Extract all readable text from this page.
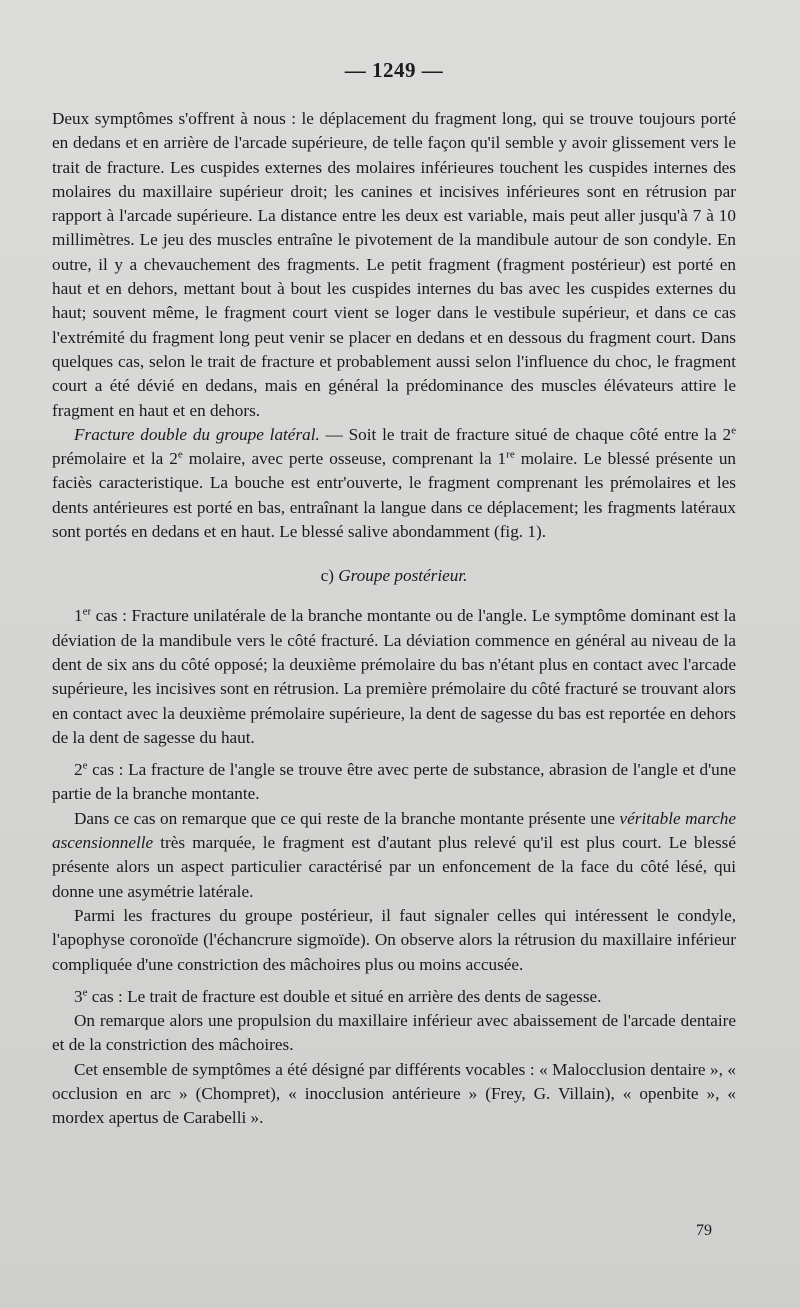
— 1249 —

Deux symptômes s'offrent à nous : le déplacement du fragment long, qui se trouve toujours porté en dedans et en arrière de l'arcade supérieure, de telle façon qu'il semble y avoir glissement vers le trait de fracture. Les cuspides externes des molaires inférieures touchent les cuspides internes des molaires du maxillaire supérieur droit; les canines et incisives inférieures sont en rétrusion par rapport à l'arcade supérieure. La distance entre les deux est variable, mais peut aller jusqu'à 7 à 10 millimètres. Le jeu des muscles entraîne le pivotement de la mandibule autour de son condyle. En outre, il y a chevauchement des fragments. Le petit fragment (fragment postérieur) est porté en haut et en dehors, mettant bout à bout les cuspides internes du bas avec les cuspides externes du haut; souvent même, le fragment court vient se loger dans le vestibule supérieur, et dans ce cas l'extrémité du fragment long peut venir se placer en dedans et en dessous du fragment court. Dans quelques cas, selon le trait de fracture et probablement aussi selon l'influence du choc, le fragment court a été dévié en dedans, mais en général la prédominance des muscles élévateurs attire le fragment en haut et en dehors.

Fracture double du groupe latéral. — Soit le trait de fracture situé de chaque côté entre la 2e prémolaire et la 2e molaire, avec perte osseuse, comprenant la 1re molaire. Le blessé présente un faciès caracteristique. La bouche est entr'ouverte, le fragment comprenant les prémolaires et les dents antérieures est porté en bas, entraînant la langue dans ce déplacement; les fragments latéraux sont portés en dedans et en haut. Le blessé salive abondamment (fig. 1).

c) Groupe postérieur.

1er cas : Fracture unilatérale de la branche montante ou de l'angle. Le symptôme dominant est la déviation de la mandibule vers le côté fracturé. La déviation commence en général au niveau de la dent de six ans du côté opposé; la deuxième prémolaire du bas n'étant plus en contact avec l'arcade supérieure, les incisives sont en rétrusion. La première prémolaire du côté fracturé se trouvant alors en contact avec la deuxième prémolaire supérieure, la dent de sagesse du bas est reportée en dehors de la dent de sagesse du haut.

2e cas : La fracture de l'angle se trouve être avec perte de substance, abrasion de l'angle et d'une partie de la branche montante.

Dans ce cas on remarque que ce qui reste de la branche montante présente une véritable marche ascensionnelle très marquée, le fragment est d'autant plus relevé qu'il est plus court. Le blessé présente alors un aspect particulier caractérisé par un enfoncement de la face du côté lésé, qui donne une asymétrie latérale.

Parmi les fractures du groupe postérieur, il faut signaler celles qui intéressent le condyle, l'apophyse coronoïde (l'échancrure sigmoïde). On observe alors la rétrusion du maxillaire inférieur compliquée d'une constriction des mâchoires plus ou moins accusée.

3e cas : Le trait de fracture est double et situé en arrière des dents de sagesse.

On remarque alors une propulsion du maxillaire inférieur avec abaissement de l'arcade dentaire et de la constriction des mâchoires.

Cet ensemble de symptômes a été désigné par différents vocables : « Malocclusion dentaire », « occlusion en arc » (Chompret), « inocclusion antérieure » (Frey, G. Villain), « openbite », « mordex apertus de Carabelli ».

79
